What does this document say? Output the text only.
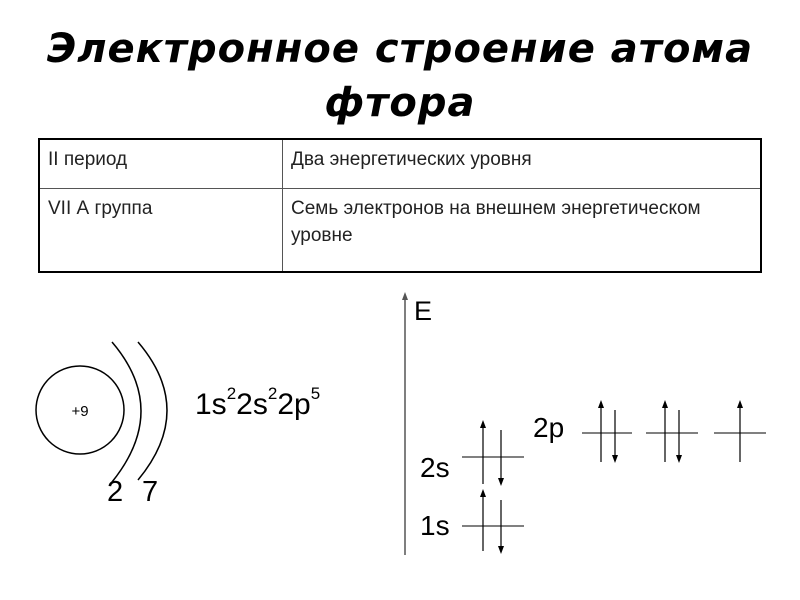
Электронное строение атома
фтора
II период	Два энергетических уровня
VII А группа	Семь электронов на внешнем энергетическом уровне
+9	$1s^22s^22p^5$
2 7
E
1s
2s
2p
